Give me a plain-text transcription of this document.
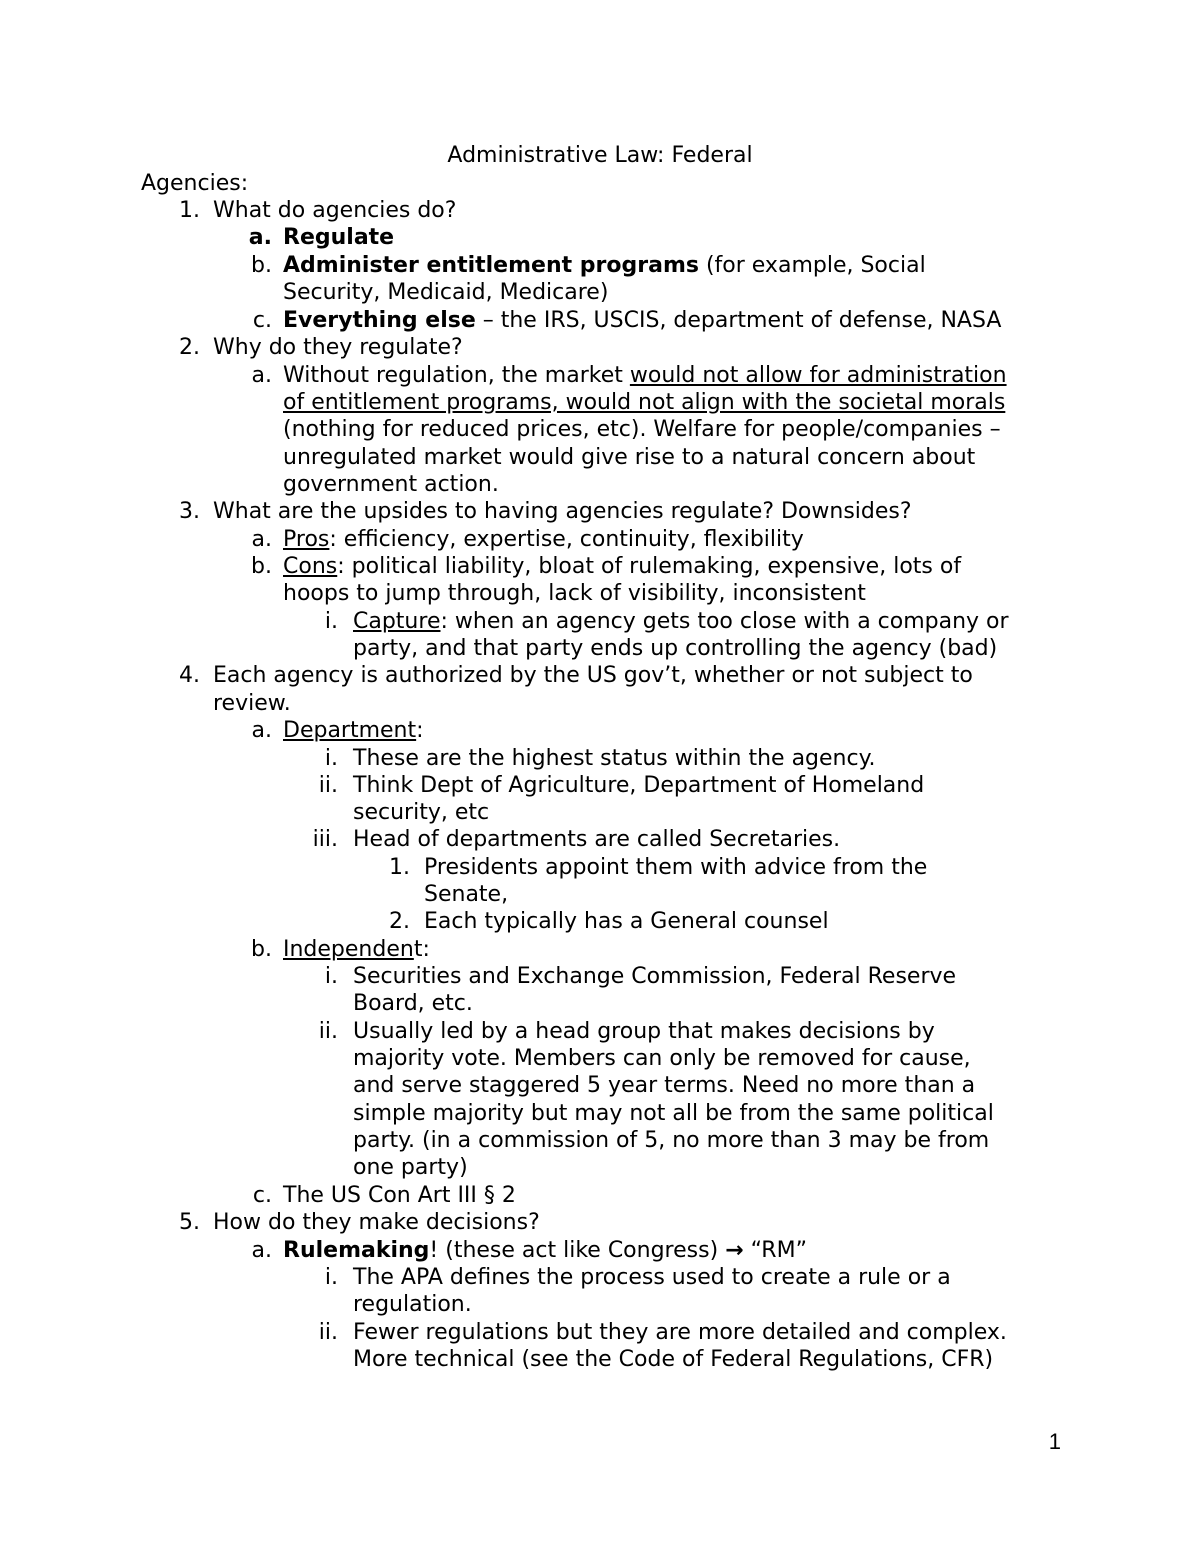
Administrative Law: Federal
Agencies:
1. What do agencies do?
a. Regulate
b. Administer entitlement programs (for example, Social
Security, Medicaid, Medicare)
c. Everything else – the IRS, USCIS, department of defense, NASA
2. Why do they regulate?
a. Without regulation, the market would not allow for administration
of entitlement programs, would not align with the societal morals
(nothing for reduced prices, etc). Welfare for people/companies –
unregulated market would give rise to a natural concern about
government action.
3. What are the upsides to having agencies regulate? Downsides?
a. Pros: efficiency, expertise, continuity, flexibility
b. Cons: political liability, bloat of rulemaking, expensive, lots of
hoops to jump through, lack of visibility, inconsistent
i. Capture: when an agency gets too close with a company or
party, and that party ends up controlling the agency (bad)
4. Each agency is authorized by the US gov’t, whether or not subject to
review.
a. Department:
i. These are the highest status within the agency.
ii. Think Dept of Agriculture, Department of Homeland
security, etc
iii. Head of departments are called Secretaries.
1. Presidents appoint them with advice from the
Senate,
2. Each typically has a General counsel
b. Independent:
i. Securities and Exchange Commission, Federal Reserve
Board, etc.
ii. Usually led by a head group that makes decisions by
majority vote. Members can only be removed for cause,
and serve staggered 5 year terms. Need no more than a
simple majority but may not all be from the same political
party. (in a commission of 5, no more than 3 may be from
one party)
c. The US Con Art III § 2
5. How do they make decisions?
a. Rulemaking! (these act like Congress) → “RM”
i. The APA defines the process used to create a rule or a
regulation.
ii. Fewer regulations but they are more detailed and complex.
More technical (see the Code of Federal Regulations, CFR)
1
